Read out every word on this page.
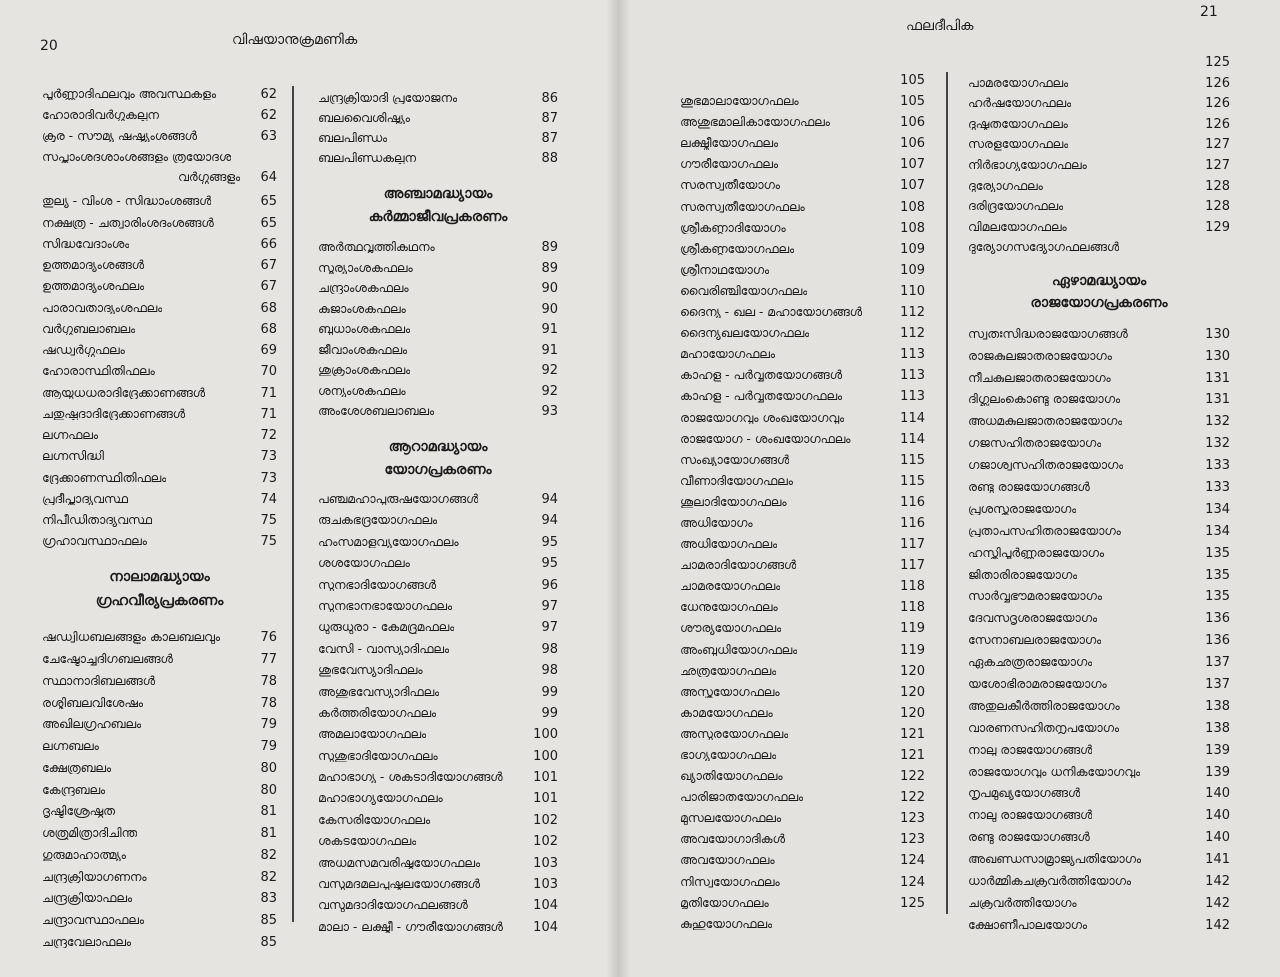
20	വിഷയാനുക്രമണിക
പൂർണ്ണാദിഫലവും അവസ്ഥകളും	62
ഹോരാദിവർഗ്ഗകല്പന	62
ക്രൂര - സൗമ്യ ഷഷ്ട്യംശങ്ങൾ	63
സപ്താംശദശാംശങ്ങളും ത്രയോദശ
വർഗ്ഗങ്ങളും	64
തുല്യ - വിംശ - സിദ്ധാംശങ്ങൾ	65
നക്ഷത്ര - ചത്വാരിംശദംശങ്ങൾ	65
സിദ്ധവേദാംശം	66
ഉത്തമാദ്യംശങ്ങൾ	67
ഉത്തമാദ്യംശഫലം	67
പാരാവതാദ്യംശഫലം	68
വർഗ്ഗബലാബലം	68
ഷഡ്വർഗ്ഗഫലം	69
ഹോരാസ്ഥിതിഫലം	70
ആയുധധരാദിദ്രേക്കാണങ്ങൾ	71
ചതുഷ്പദാദിദ്രേക്കാണങ്ങൾ	71
ലഗ്നഫലം	72
ലഗ്നസിദ്ധി	73
ദ്രേക്കാണസ്ഥിതിഫലം	73
പ്രദീപ്താദ്യവസ്ഥ	74
നിപീഡിതാദ്യവസ്ഥ	75
ഗ്രഹാവസ്ഥാഫലം	75
നാലാമദ്ധ്യായം
ഗ്രഹവീര്യപ്രകരണം
ഷഡ്വിധബലങ്ങളും കാലബലവും	76
ചേഷ്ടോച്ചദിഗബലങ്ങൾ	77
സ്ഥാനാദിബലങ്ങൾ	78
രശ്മിബലവിശേഷം	78
അഖിലഗ്രഹബലം	79
ലഗ്നബലം	79
ക്ഷേത്രബലം	80
കേന്ദ്രബലം	80
ദൃഷ്ടിശ്രേഷ്ഠത	81
ശത്രുമിത്രാദിചിന്ത	81
ഗുരുമാഹാത്മ്യം	82
ചന്ദ്രക്രിയാഗണനം	82
ചന്ദ്രക്രിയാഫലം	83
ചന്ദ്രാവസ്ഥാഫലം	85
ചന്ദ്രവേലാഫലം	85
ചന്ദ്രക്രിയാദി പ്രയോജനം	86
ബലവൈശിഷ്ട്യം	87
ബലപിണ്ഡം	87
ബലപിണ്ഡകല്പന	88
അഞ്ചാമദ്ധ്യായം
കർമ്മാജീവപ്രകരണം
അർത്ഥവൃത്തികഥനം	89
സൂര്യാംശകഫലം	89
ചന്ദ്രാംശകഫലം	90
കുജാംശകഫലം	90
ബുധാംശകഫലം	91
ജീവാംശകഫലം	91
ശുക്രാംശകഫലം	92
ശന്യംശകഫലം	92
അംശേശബലാബലം	93
ആറാമദ്ധ്യായം
യോഗപ്രകരണം
പഞ്ചമഹാപുരുഷയോഗങ്ങൾ	94
രുചകഭദ്രയോഗഫലം	94
ഹംസമാളവ്യയോഗഫലം	95
ശശയോഗഫലം	95
സുനഭാദിയോഗങ്ങൾ	96
സുനഭാനഭായോഗഫലം	97
ധുരുധുരാ - കേമദ്രുമഫലം	97
വേസി - വാസ്യാദിഫലം	98
ശുഭവേസ്യാദിഫലം	98
അശുഭവേസ്യാദിഫലം	99
കർത്തരിയോഗഫലം	99
അമലായോഗഫലം	100
സുശുഭാദിയോഗഫലം	100
മഹാഭാഗ്യ - ശകടാദിയോഗങ്ങൾ	101
മഹാഭാഗ്യയോഗഫലം	101
കേസരിയോഗഫലം	102
ശകടയോഗഫലം	102
അധമസമവരിഷ്ഠയോഗഫലം	103
വസുമദമലപുഷ്കലയോഗങ്ങൾ	103
വസുമദാദിയോഗഫലങ്ങൾ	104
മാലാ - ലക്ഷ്മീ - ഗൗരീയോഗങ്ങൾ	104
21
ഫലദീപിക
105
ശുഭമാലായോഗഫലം	105
അശുഭമാലികായോഗഫലം	106
ലക്ഷ്മീയോഗഫലം	106
ഗൗരീയോഗഫലം	107
സരസ്വതീയോഗം	107
സരസ്വതീയോഗഫലം	108
ശ്രീകണ്ഠാദിയോഗം	108
ശ്രീകണ്ഠയോഗഫലം	109
ശ്രീനാഥയോഗം	109
വൈരിഞ്ചിയോഗഫലം	110
ദൈന്യ - ഖല - മഹായോഗങ്ങൾ	112
ദൈന്യഖലയോഗഫലം	112
മഹായോഗഫലം	113
കാഹള - പർവ്വതയോഗങ്ങൾ	113
കാഹള - പർവ്വതയോഗഫലം	113
രാജയോഗവും ശംഖയോഗവും	114
രാജയോഗ - ശംഖയോഗഫലം	114
സംഖ്യായോഗങ്ങൾ	115
വീണാദിയോഗഫലം	115
ശൂലാദിയോഗഫലം	116
അധിയോഗം	116
അധിയോഗഫലം	117
ചാമരാദിയോഗങ്ങൾ	117
ചാമരയോഗഫലം	118
ധേനുയോഗഫലം	118
ശൗര്യയോഗഫലം	119
അംബുധിയോഗഫലം	119
ഛത്രയോഗഫലം	120
അസ്ത്രയോഗഫലം	120
കാമയോഗഫലം	120
അസുരയോഗഫലം	121
ഭാഗ്യയോഗഫലം	121
ഖ്യാതിയോഗഫലം	122
പാരിജാതയോഗഫലം	122
മുസലയോഗഫലം	123
അവയോഗാദികൾ	123
അവയോഗഫലം	124
നിസ്വയോഗഫലം	124
മൃതിയോഗഫലം	125
കുഹുയോഗഫലം
125
പാമരയോഗഫലം	126
ഹർഷയോഗഫലം	126
ദുഷ്കൃതയോഗഫലം	126
സരളയോഗഫലം	127
നിർഭാഗ്യയോഗഫലം	127
ദുര്യോഗഫലം	128
ദരിദ്രയോഗഫലം	128
വിമലയോഗഫലം	129
ദുര്യോഗസദ്യോഗഫലങ്ങൾ
ഏഴാമദ്ധ്യായം
രാജയോഗപ്രകരണം
സ്വതഃസിദ്ധരാജയോഗങ്ങൾ	130
രാജകുലജാതരാജയോഗം	130
നീചകുലജാതരാജയോഗം	131
ദിഗ്ബലംകൊണ്ടു രാജയോഗം	131
അധമകുലജാതരാജയോഗം	132
ഗജസഹിതരാജയോഗം	132
ഗജാശ്വസഹിതരാജയോഗം	133
രണ്ടു രാജയോഗങ്ങൾ	133
പ്രശസ്തരാജയോഗം	134
പ്രതാപസഹിതരാജയോഗം	134
ഹസ്തിപൂർണ്ണരാജയോഗം	135
ജിതാരിരാജയോഗം	135
സാർവ്വഭൗമരാജയോഗം	135
ദേവസദൃശരാജയോഗം	136
സേനാബലരാജയോഗം	136
ഏകഛത്രരാജയോഗം	137
യശോഭിരാമരാജയോഗം	137
അതുലകീർത്തിരാജയോഗം	138
വാരണസഹിതനൃപയോഗം	138
നാലു രാജയോഗങ്ങൾ	139
രാജയോഗവും ധനികയോഗവും	139
നൃപമുഖ്യയോഗങ്ങൾ	140
നാലു രാജയോഗങ്ങൾ	140
രണ്ടു രാജയോഗങ്ങൾ	140
അഖണ്ഡസാമ്രാജ്യപതിയോഗം	141
ധാർമ്മികചക്രവർത്തിയോഗം	142
ചക്രവർത്തിയോഗം	142
ക്ഷോണീപാലയോഗം	142
